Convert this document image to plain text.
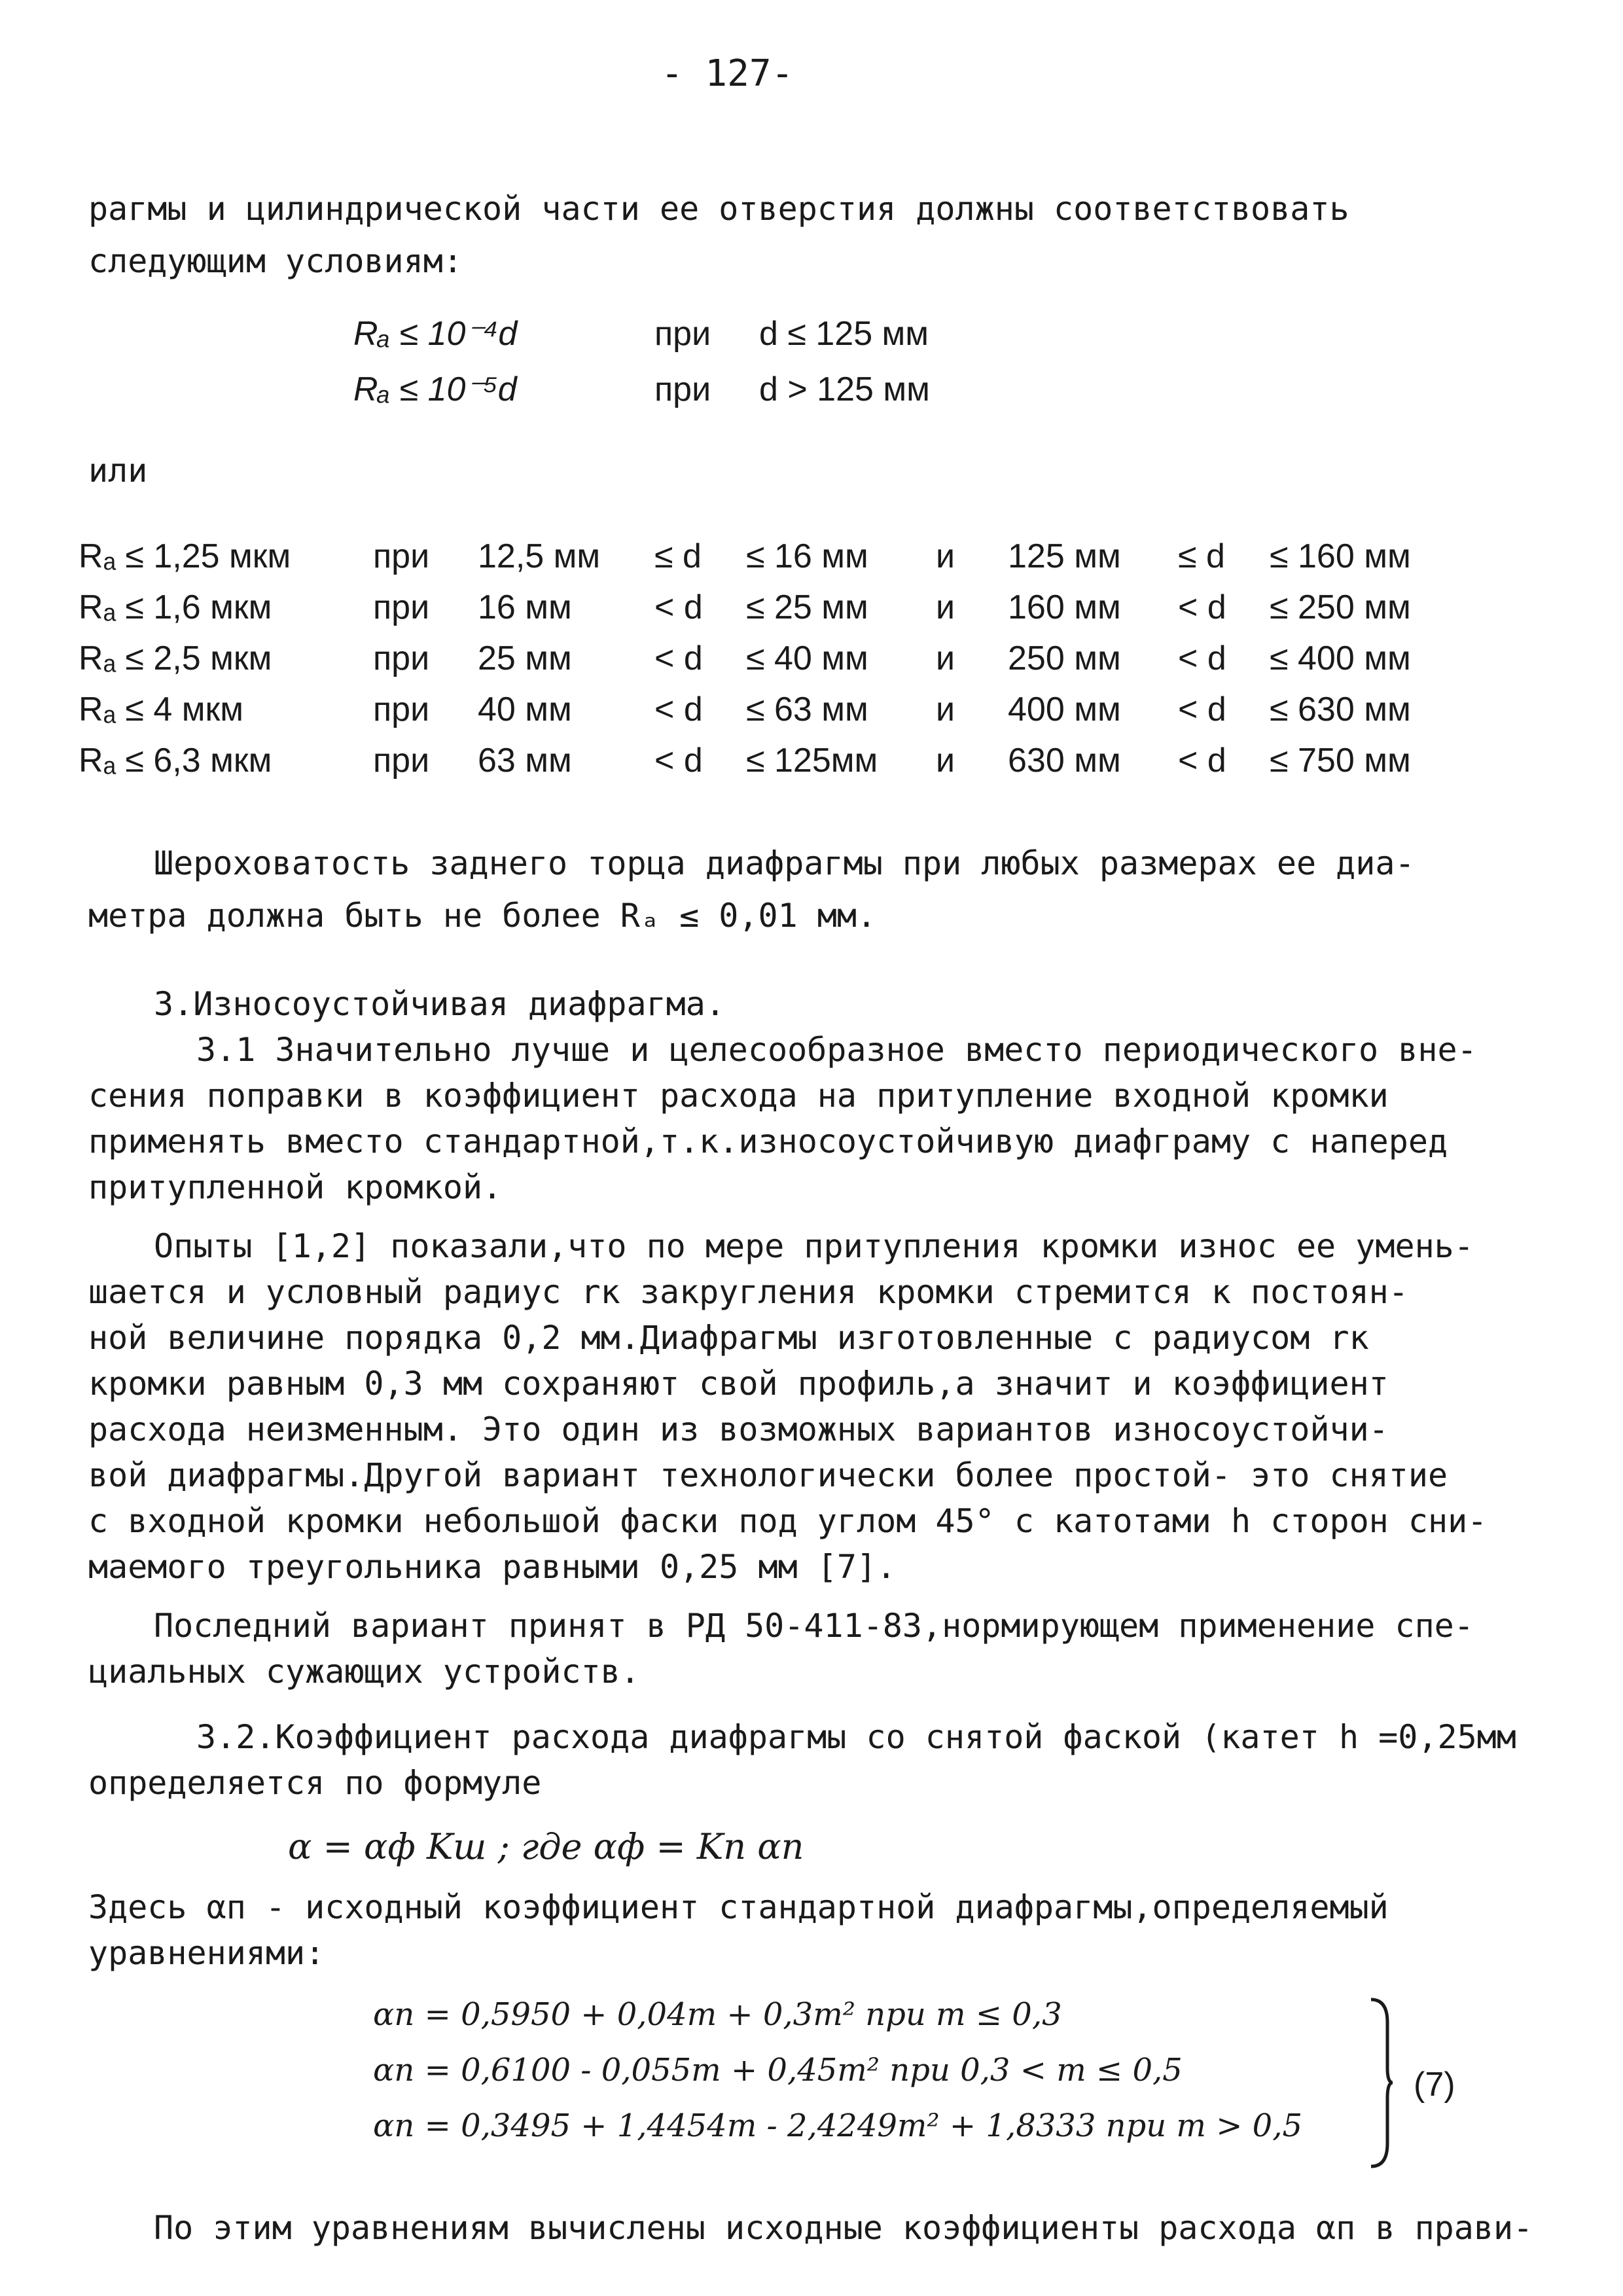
- 127-
рагмы и цилиндрической части ее отверстия должны соответствовать
следующим условиям:
Rₐ ≤ 10⁻⁴d	при d ≤ 125 мм
Rₐ ≤ 10⁻⁵d	при d > 125 мм
или
Rₐ ≤ 1,25 мкм при 12,5 мм ≤ d ≤ 16 мм и 125 мм ≤ d ≤ 160 мм
Rₐ ≤ 1,6 мкм	при 16 мм < d ≤ 25 мм и 160 мм < d ≤ 250 мм
Rₐ ≤ 2,5 мкм	при 25 мм < d ≤ 40 мм и 250 мм < d ≤ 400 мм
Rₐ ≤ 4 мкм	при 40 мм < d ≤ 63 мм и 400 мм < d ≤ 630 мм
Rₐ ≤ 6,3 мкм	при 63 мм < d ≤ 125мм и 630 мм < d ≤ 750 мм
Шероховатость заднего торца диафрагмы при любых размерах ее диа-
метра должна быть не более Rₐ ≤ 0,01 мм.
3.Износоустойчивая диафрагма.
3.1 Значительно лучше и целесообразное вместо периодического вне-
сения поправки в коэффициент расхода на притупление входной кромки
применять вместо стандартной,т.к.износоустойчивую диафграму с наперед
притупленной кромкой.
Опыты [1,2] показали,что по мере притупления кромки износ ее умень-
шается и условный радиус rк закругления кромки стремится к постоян-
ной величине порядка 0,2 мм.Диафрагмы изготовленные с радиусом rк
кромки равным 0,3 мм сохраняют свой профиль,а значит и коэффициент
расхода неизменным. Это один из возможных вариантов износоустойчи-
вой диафрагмы.Другой вариант технологически более простой- это снятие
с входной кромки небольшой фаски под углом 45° с катотами h сторон сни-
маемого треугольника равными 0,25 мм [7].
Последний вариант принят в РД 50-411-83,нормирующем применение спе-
циальных сужающих устройств.
3.2.Коэффициент расхода диафрагмы со снятой фаской (катет h =0,25мм
определяется по формуле
α = αф Kш ; где αф = Kп αп
Здесь αп - исходный коэффициент стандартной диафрагмы,определяемый
уравнениями:
αп = 0,5950 + 0,04m + 0,3m² при m ≤ 0,3
αп = 0,6100 - 0,055m + 0,45m² при 0,3 < m ≤ 0,5
αп = 0,3495 + 1,4454m - 2,4249m² + 1,8333 при m > 0,5
(7)
По этим уравнениям вычислены исходные коэффициенты расхода αп в прави-
